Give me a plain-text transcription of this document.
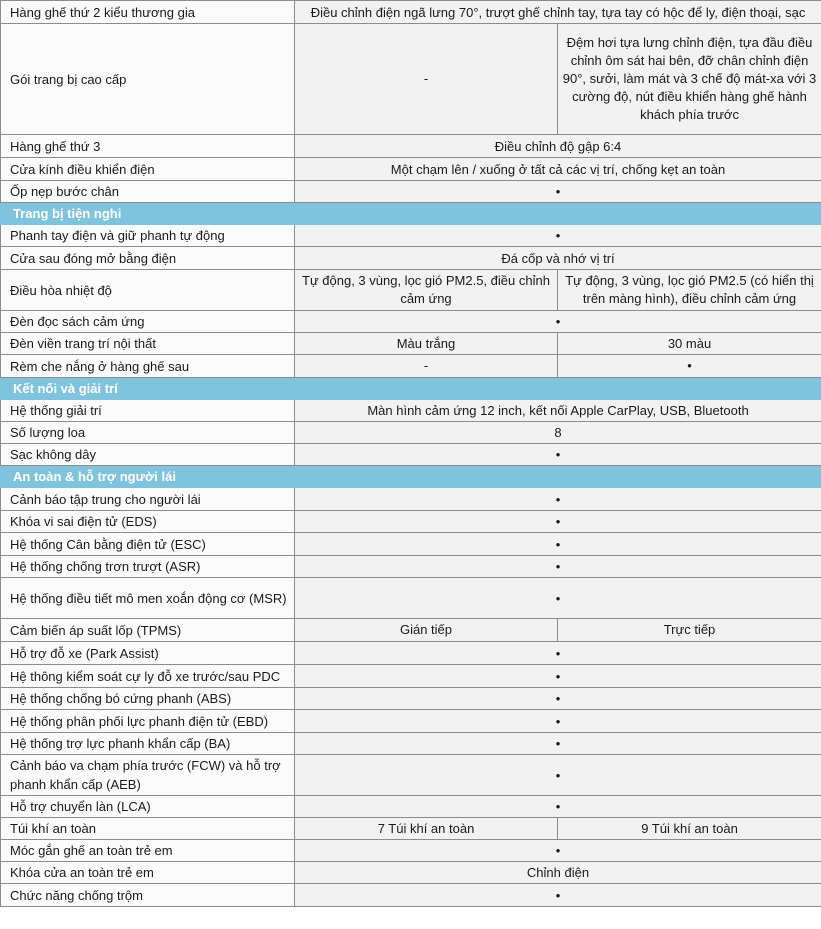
Hàng ghế thứ 2 kiểu thương gia	Điều chỉnh điện ngã lưng 70°, trượt ghế chỉnh tay, tựa tay có hộc để ly, điện thoại, sạc	
Gói trang bị cao cấp	-	Đệm hơi tựa lưng chỉnh điện, tựa đầu điều chỉnh ôm sát hai bên, đỡ chân chỉnh điện 90°, sưởi, làm mát và 3 chế độ mát-xa với 3 cường độ, nút điều khiển hàng ghế hành khách phía trước
Hàng ghế thứ 3	Điều chỉnh độ gập 6:4	
Cửa kính điều khiển điện	Một chạm lên / xuống ở tất cả các vị trí, chống kẹt an toàn	
Ốp nẹp bước chân	•	
Trang bị tiện nghi		
Phanh tay điện và giữ phanh tự động	•	
Cửa sau đóng mở bằng điện	Đá cốp và nhớ vị trí	
Điều hòa nhiệt độ	Tự động, 3 vùng, lọc gió PM2.5, điều chỉnh cảm ứng	Tự động, 3 vùng, lọc gió PM2.5 (có hiển thị trên màng hình), điều chỉnh cảm ứng
Đèn đọc sách cảm ứng	•	
Đèn viền trang trí nội thất	Màu trắng	30 màu
Rèm che nắng ở hàng ghế sau	-	•
Kết nối và giải trí		
Hệ thống giải trí	Màn hình cảm ứng 12 inch, kết nối Apple CarPlay, USB, Bluetooth	
Số lượng loa	8	
Sạc không dây	•	
An toàn & hỗ trợ người lái		
Cảnh báo tập trung cho người lái	•	
Khóa vi sai điện tử (EDS)	•	
Hệ thống Cân bằng điện tử (ESC)	•	
Hệ thống chống trơn trượt (ASR)	•	
Hệ thống điều tiết mô men xoắn động cơ (MSR)	•	
Cảm biến áp suất lốp (TPMS)	Gián tiếp	Trực tiếp
Hỗ trợ đỗ xe (Park Assist)	•	
Hệ thông kiểm soát cự ly đỗ xe trước/sau PDC	•	
Hệ thống chống bó cứng phanh (ABS)	•	
Hệ thống phân phối lực phanh điện tử (EBD)	•	
Hệ thống trợ lực phanh khẩn cấp (BA)	•	
Cảnh báo va chạm phía trước (FCW) và hỗ trợ phanh khẩn cấp (AEB)	•	
Hỗ trợ chuyển làn (LCA)	•	
Túi khí an toàn	7 Túi khí an toàn	9 Túi khí an toàn
Móc gắn ghế an toàn trẻ em	•	
Khóa cửa an toàn trẻ em	Chỉnh điện	
Chức năng chống trộm	•	
